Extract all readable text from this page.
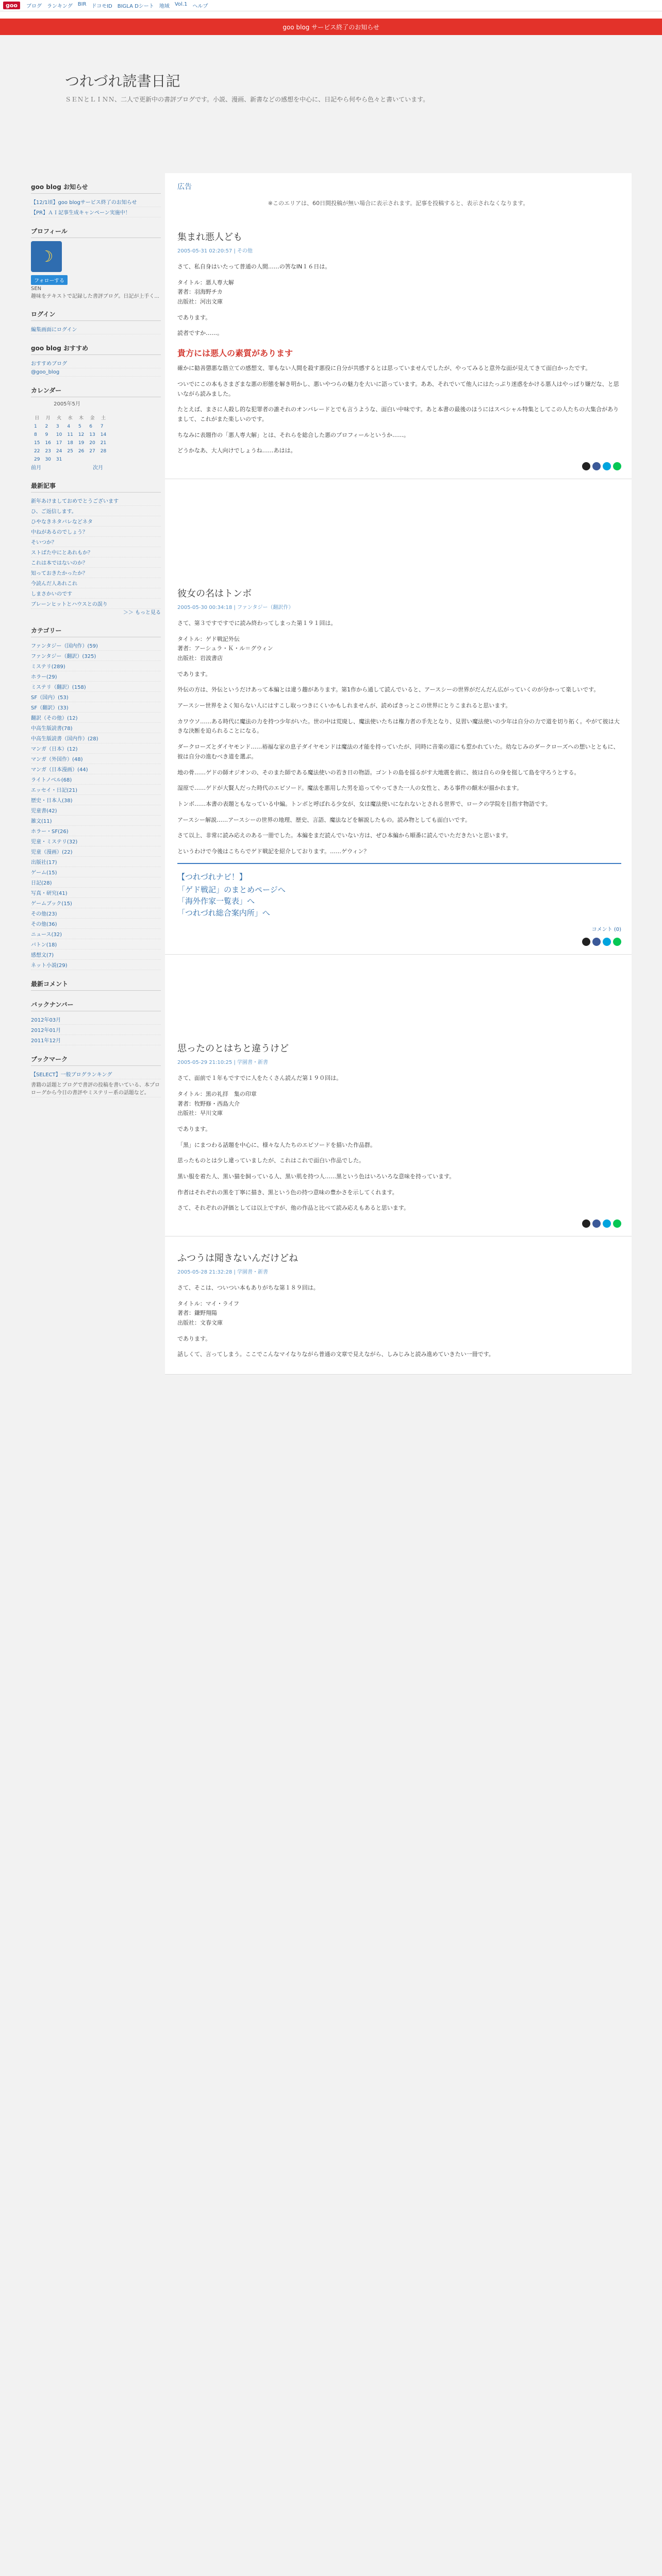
goo	ブログ ランキング BIR ドコモID BIGLA Dシート 地域 Vol.1 ヘルプ
goo blog サービス終了のお知らせ
つれづれ読書日記
ＳＥＮとＬＩＮＮ、二人で更新中の書評ブログです。小説、漫画、新書などの感想を中心に、日記やら何やら色々と書いています。
goo blog お知らせ
【12/1頃】goo blogサービス終了のお知らせ
【PR】ＡＩ記事生成キャンペーン実施中！
プロフィール
☽
フォローする
SEN
趣味をテキストで記録した書評ブログ。日記が上手く...
ログイン
編集画面にログイン
goo blog おすすめ
おすすめブログ
@goo_blog
カレンダー
2005年5月
日	月	火	水	木	金	土
1	2	3	4	5	6	7
8	9	10	11	12	13	14
15	16	17	18	19	20	21
22	23	24	25	26	27	28
29	30	31				
前月	次月
最新記事
新年あけましておめでとうございます
ひ、ご返信します。
ひやなきネタバレなどネタ
中ねがあるのでしょう？
そいつか？
ストばた中にとあれもか？
これは本ではないのか？
知っておきたかったか？
今読んだ人あれこれ
しまさかいのです
ブレーンヒットとハウスとの誤り
＞＞ もっと見る
カテゴリー
ファンタジー（国内作）(59)
ファンタジー（翻訳）(325)
ミステリ(289)
ホラー(29)
ミステリ（翻訳）(158)
SF（国内）(53)
SF（翻訳）(33)
翻訳（その他）(12)
中高生版読書(78)
中高生版読書（国内作）(28)
マンガ（日本）(12)
マンガ（外国作）(48)
マンガ（日本漫画）(44)
ライトノベル(68)
エッセイ・日記(21)
歴史・日本人(38)
児童書(42)
雑文(11)
ホラー・SF(26)
児童・ミステリ(32)
児童（漫画）(22)
出版社(17)
ゲーム(15)
日記(28)
写真・研究(41)
ゲームブック(15)
その他(23)
その他(36)
ニュース(32)
バトン(18)
感想文(7)
ネット小説(29)
最新コメント
バックナンバー
2012年03月
2012年01月
2011年12月
ブックマーク
【SELECT】一般ブログランキング
書籍の話題とブログで書評の投稿を書いている、本プロローグから今日の書評やミステリー系の話題など。
広告
※このエリアは、60日間投稿が無い場合に表示されます。記事を投稿すると、表示されなくなります。
集まれ悪人ども
2005-05-31 02:20:57 | その他

さて、私自身はいたって普通の人間……の筈なIN１６日は。

タイトル：悪人専大解
著者：羽海野チカ
出版社：河出文庫

であります。

読者ですか……。

貴方には悪人の素質があります

確かに勧善懲悪な筋立ての感想文、罪もない人間を殺す悪役に自分が共感するとは思っていませんでしたが、やってみると意外な面が見えてきて面白かったです。

ついでにこの本もさまざまな悪の形態を解き明かし、悪いやつらの魅力を大いに語っています。ああ、それでいて他人にはたっぷり迷惑をかける悪人はやっぱり嫌だな、と思いながら読みました。

たとえば、まさに人殺し的な犯罪者の誰それのオンパレードとでも言うような、面白い中味です。あと本書の最後のほうにはスペシャル特集としてこの人たちの大集合がありまして、これがまた楽しいのです。

ちなみに表題作の「悪人専大解」とは、それらを総合した悪のプロフィールというか……。

どうかなあ、大人向けでしょうね……あはは。

彼女の名はトンボ
2005-05-30 00:34:18 | ファンタジー（翻訳作）

さて、第３ですですでに読み終わってしまった第１９１回は。

タイトル：ゲド戦記外伝
著者：アーシュラ・Ｋ・ル＝グウィン
出版社：岩波書店

であります。

外伝の方は、外伝というだけあって本編とは違う趣があります。第1作から通して読んでいると、アースシーの世界がだんだん広がっていくのが分かって楽しいです。

アースシー世界をよく知らない人にはすこし取っつきにくいかもしれませんが、読めばきっとこの世界にとりこまれると思います。

カワウソ……ある時代に魔法の力を持つ少年がいた。世の中は荒廃し、魔法使いたちは権力者の手先となり、見習い魔法使いの少年は自分の力で道を切り拓く。やがて彼は大きな決断を迫られることになる。

ダークローズとダイヤモンド……裕福な家の息子ダイヤモンドは魔法の才能を持っていたが、同時に音楽の道にも惹かれていた。幼なじみのダークローズへの想いとともに、彼は自分の進むべき道を選ぶ。

地の骨……ゲドの師オジオンの、そのまた師である魔法使いの若き日の物語。ゴントの島を揺るがす大地震を前に、彼は自らの身を挺して島を守ろうとする。

湿原で……ゲドが大賢人だった時代のエピソード。魔法を悪用した男を追ってやってきた一人の女性と、ある事件の顛末が描かれます。

トンボ……本書の表題ともなっている中編。トンボと呼ばれる少女が、女は魔法使いになれないとされる世界で、ロークの学院を目指す物語です。

アースシー解説……アースシーの世界の地理、歴史、言語、魔法などを解説したもの。読み物としても面白いです。

さて以上、非常に読み応えのある一冊でした。本編をまだ読んでいない方は、ぜひ本編から順番に読んでいただきたいと思います。

というわけで今後はこちらでゲド戦記を紹介しております。……ゲウィン？

【つれづれナビ！】
「ゲド戦記」のまとめページへ
「海外作家一覧表」へ
「つれづれ総合案内所」へ
コメント (0)
思ったのとはちと違うけど
2005-05-29 21:10:25 | 学園書・新書

さて、面前で１年もですでに人をたくさん読んだ第１９０回は。

タイトル：黒の礼拝　集の印章
著者：牧野修・西島大介
出版社：早川文庫

であります。

「黒」にまつわる話題を中心に、様々な人たちのエピソードを描いた作品群。

思ったものとは少し違っていましたが、これはこれで面白い作品でした。

黒い服を着た人、黒い猫を飼っている人、黒い肌を持つ人……黒という色はいろいろな意味を持っています。

作者はそれぞれの黒を丁寧に描き、黒という色の持つ意味の豊かさを示してくれます。

さて、それぞれの評価としては以上ですが、他の作品と比べて読み応えもあると思います。

ふつうは聞きないんだけどね
2005-05-28 21:32:28 | 学園書・新書

さて、そこは、ついつい本もありがちな第１８９回は。

タイトル：マイ・ライフ
著者：鎌野翔陽
出版社：文春文庫

であります。

話しくて、言ってしまう。ここでこんなマイなりながら普通の文章で見えながら、しみじみと読み進めていきたい一冊です。
